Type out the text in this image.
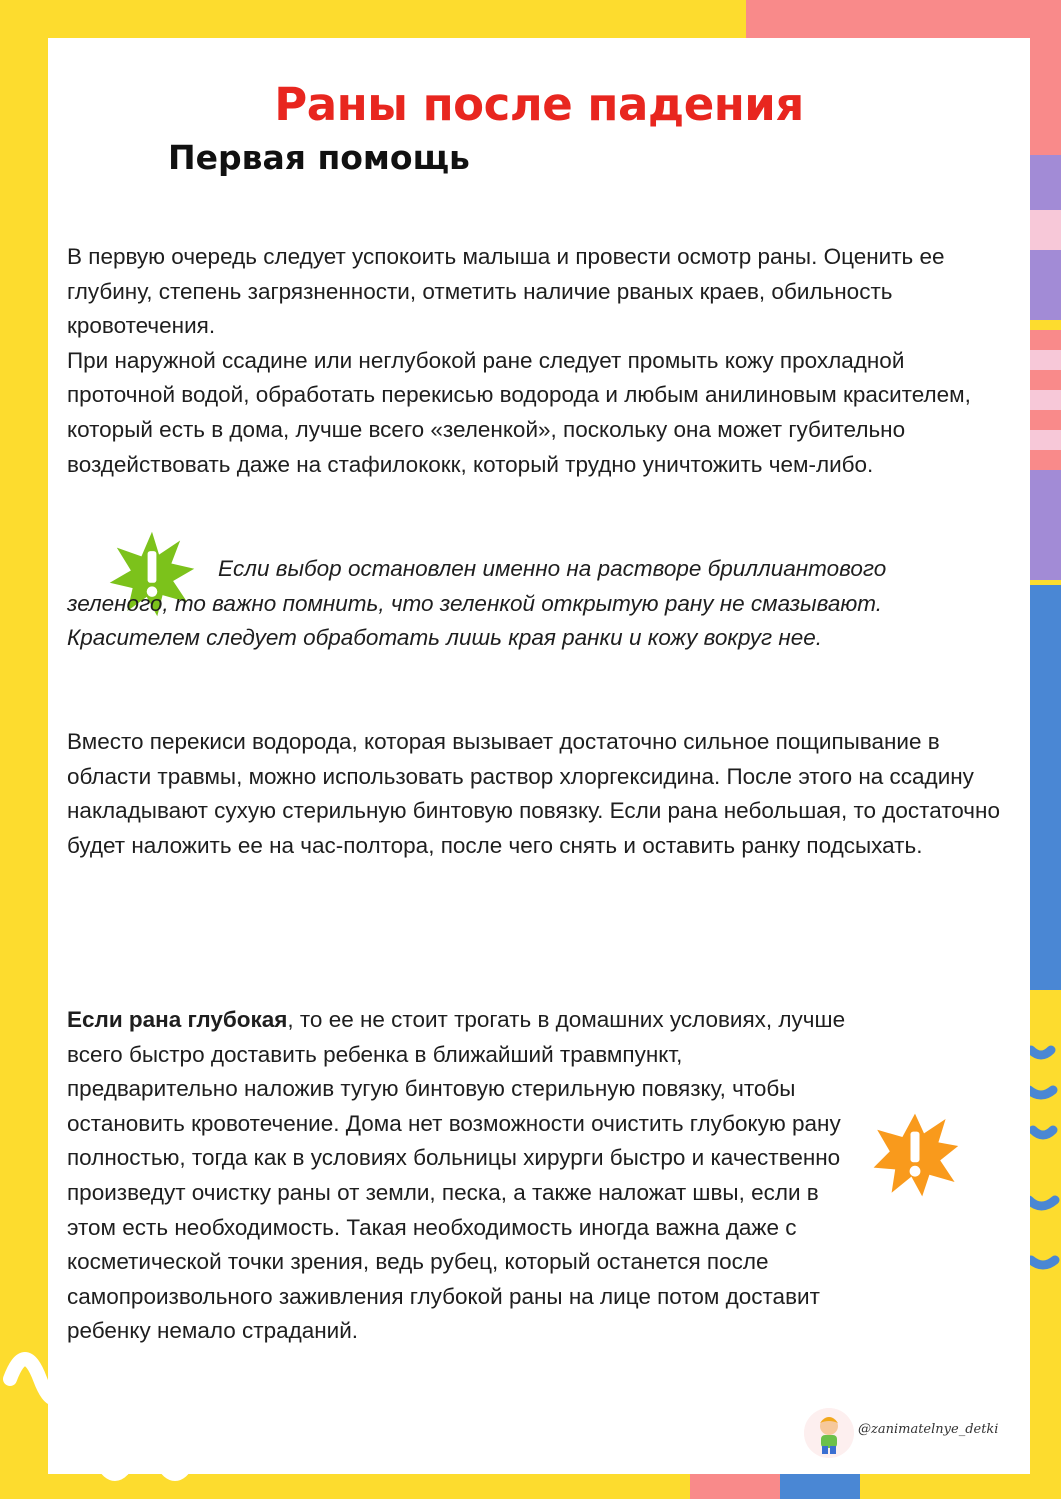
Раны после падения
Первая помощь
В первую очередь следует успокоить малыша и провести осмотр раны. Оценить ее глубину, степень загрязненности, отметить наличие рваных краев, обильность кровотечения.
При наружной ссадине или неглубокой ране следует промыть кожу прохладной проточной водой, обработать перекисью водорода и любым анилиновым красителем, который есть в дома, лучше всего «зеленкой», поскольку она может губительно воздействовать даже на стафилококк, который трудно уничтожить чем-либо.

Если выбор остановлен именно на растворе бриллиантового зеленого, то важно помнить, что зеленкой открытую рану не смазывают. Красителем следует обработать лишь края ранки и кожу вокруг нее.

Вместо перекиси водорода, которая вызывает достаточно сильное пощипывание в области травмы, можно использовать раствор хлоргексидина. После этого на ссадину накладывают сухую стерильную бинтовую повязку. Если рана небольшая, то достаточно будет наложить ее на час-полтора, после чего снять и оставить ранку подсыхать.

Если рана глубокая, то ее не стоит трогать в домашних условиях, лучше всего быстро доставить ребенка в ближайший травмпункт, предварительно наложив тугую бинтовую стерильную повязку, чтобы остановить кровотечение. Дома нет возможности очистить глубокую рану полностью, тогда как в условиях больницы хирурги быстро и качественно произведут очистку раны от земли, песка, а также наложат швы, если в этом есть необходимость. Такая необходимость иногда важна даже с косметической точки зрения, ведь рубец, который останется после самопроизвольного заживления глубокой раны на лице потом доставит ребенку немало страданий.

@zanimatelnye_detki
